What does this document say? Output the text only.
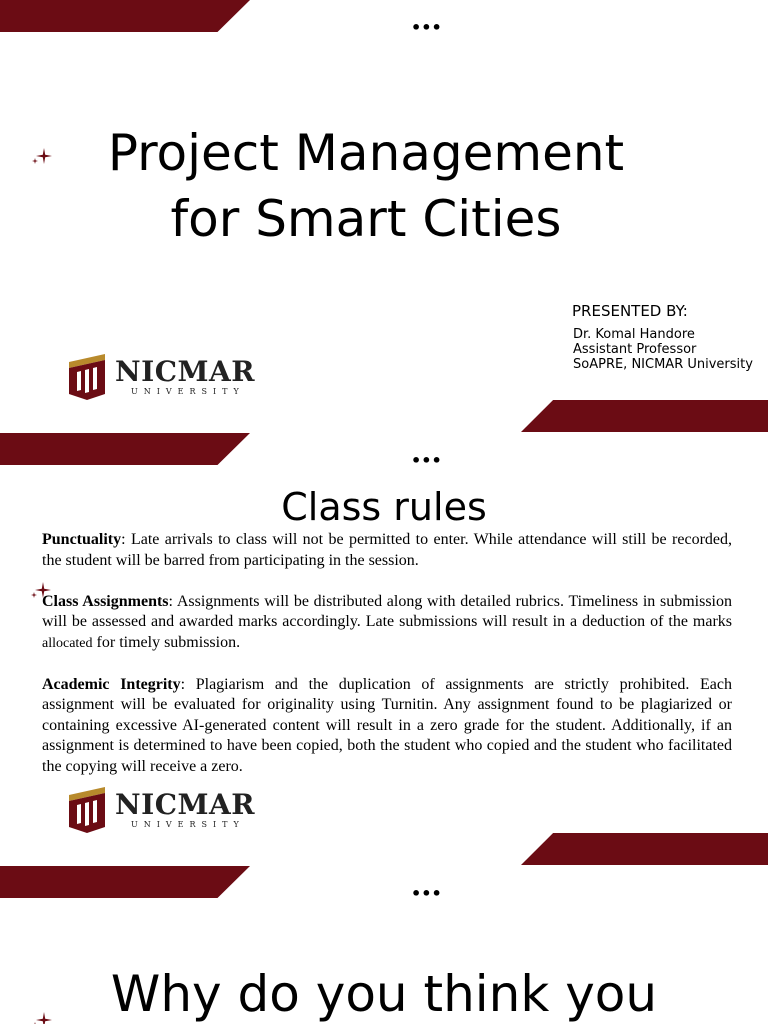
•••
Project Management
for Smart Cities
PRESENTED BY:
Dr. Komal Handore
Assistant Professor
SoAPRE, NICMAR University
NICMAR
UNIVERSITY
•••
Class rules

Punctuality: Late arrivals to class will not be permitted to enter. While attendance will still be recorded, the student will be barred from participating in the session.

Class Assignments: Assignments will be distributed along with detailed rubrics. Timeliness in submission will be assessed and awarded marks accordingly. Late submissions will result in a deduction of the marks allocated for timely submission.

Academic Integrity: Plagiarism and the duplication of assignments are strictly prohibited. Each assignment will be evaluated for originality using Turnitin. Any assignment found to be plagiarized or containing excessive AI-generated content will result in a zero grade for the student. Additionally, if an assignment is determined to have been copied, both the student who copied and the student who facilitated the copying will receive a zero.

NICMAR
UNIVERSITY
•••
Why do you think you
